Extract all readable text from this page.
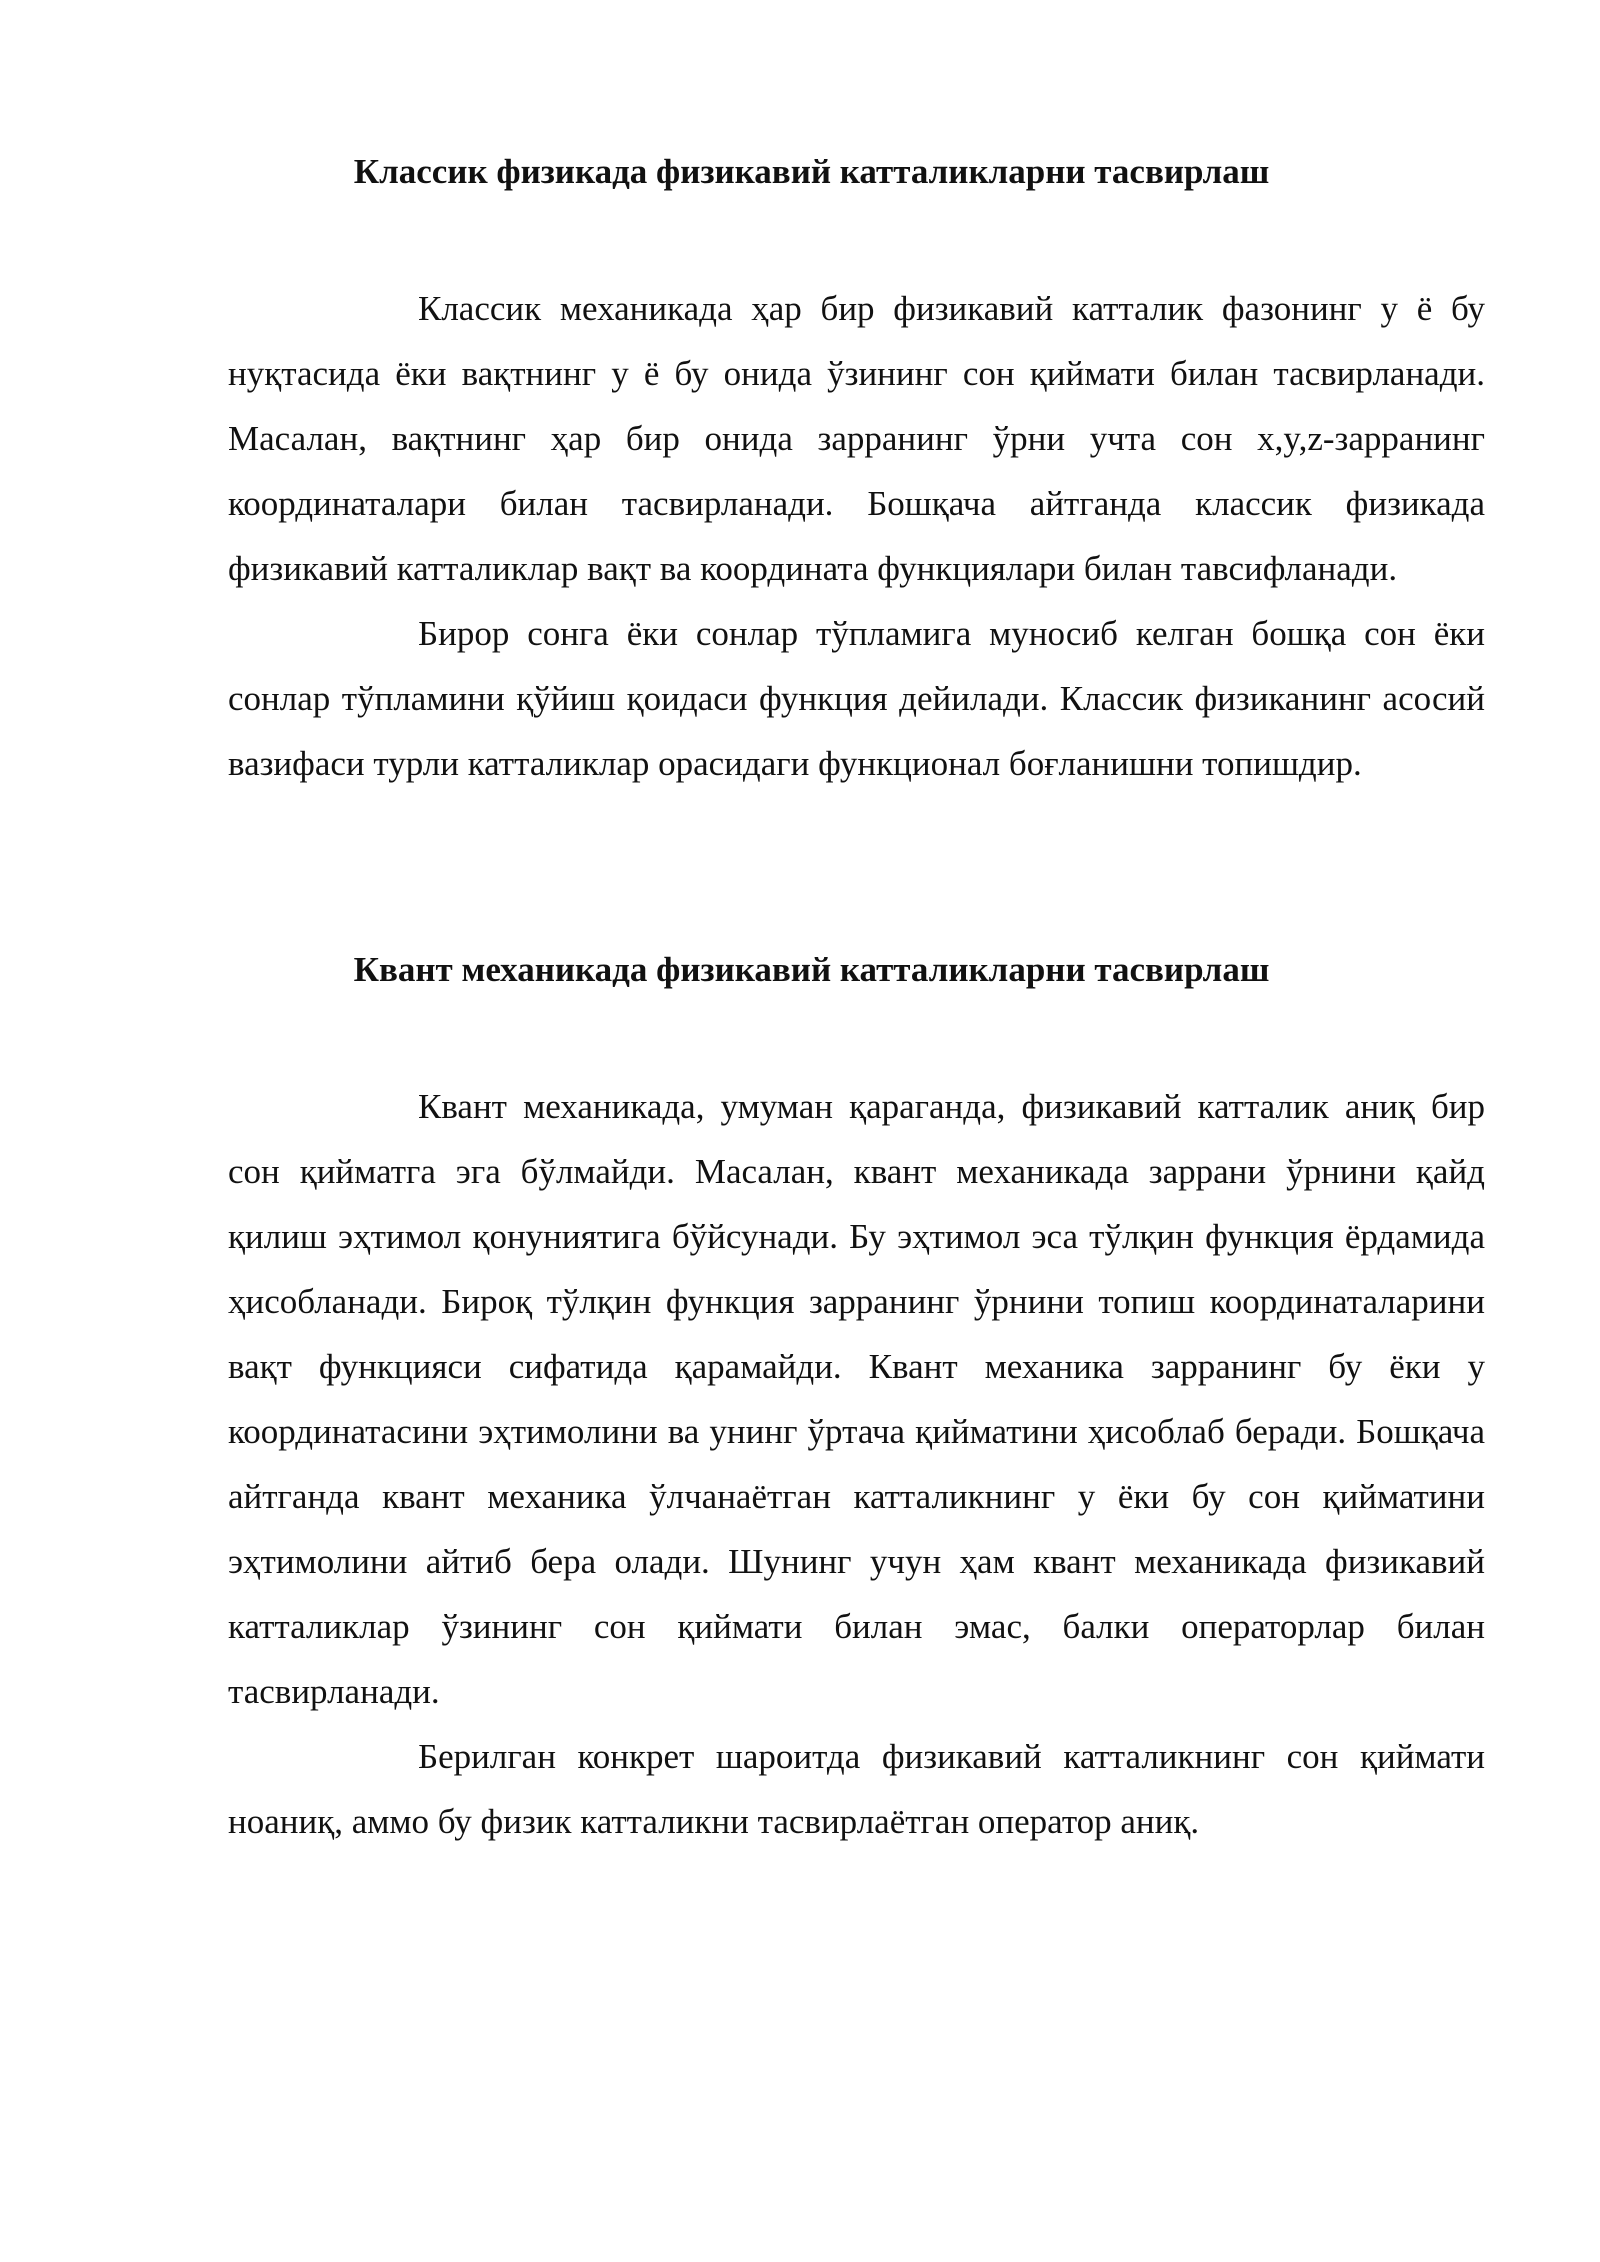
Классик физикада физикавий катталикларни тасвирлаш

Классик механикада ҳар бир физикавий катталик фазонинг у ё бу нуқтасида ёки вақтнинг у ё бу онида ўзининг сон қиймати билан тасвирланади. Масалан, вақтнинг ҳар бир онида зарранинг ўрни учта сон x,y,z-зарранинг координаталари билан тасвирланади. Бошқача айтганда классик физикада физикавий катталиклар вақт ва координата функциялари билан тавсифланади.

Бирор сонга ёки сонлар тўпламига муносиб келган бошқа сон ёки сонлар тўпламини қўйиш қоидаси функция дейилади. Классик физиканинг асосий вазифаси турли катталиклар орасидаги функционал боғланишни топишдир.

Квант механикада физикавий катталикларни тасвирлаш

Квант механикада, умуман қараганда, физикавий катталик аниқ бир сон қийматга эга бўлмайди. Масалан, квант механикада заррани ўрнини қайд қилиш эҳтимол қонуниятига бўйсунади. Бу эҳтимол эса тўлқин функция ёрдамида ҳисобланади. Бироқ тўлқин функция зарранинг ўрнини топиш координаталарини вақт функцияси сифатида қарамайди. Квант механика зарранинг бу ёки у координатасини эҳтимолини ва унинг ўртача қийматини ҳисоблаб беради. Бошқача айтганда квант механика ўлчанаётган катталикнинг у ёки бу сон қийматини эҳтимолини айтиб бера олади. Шунинг учун ҳам квант механикада физикавий катталиклар ўзининг сон қиймати билан эмас, балки операторлар билан тасвирланади.

Берилган конкрет шароитда физикавий катталикнинг сон қиймати ноаниқ, аммо бу физик катталикни тасвирлаётган оператор аниқ.
